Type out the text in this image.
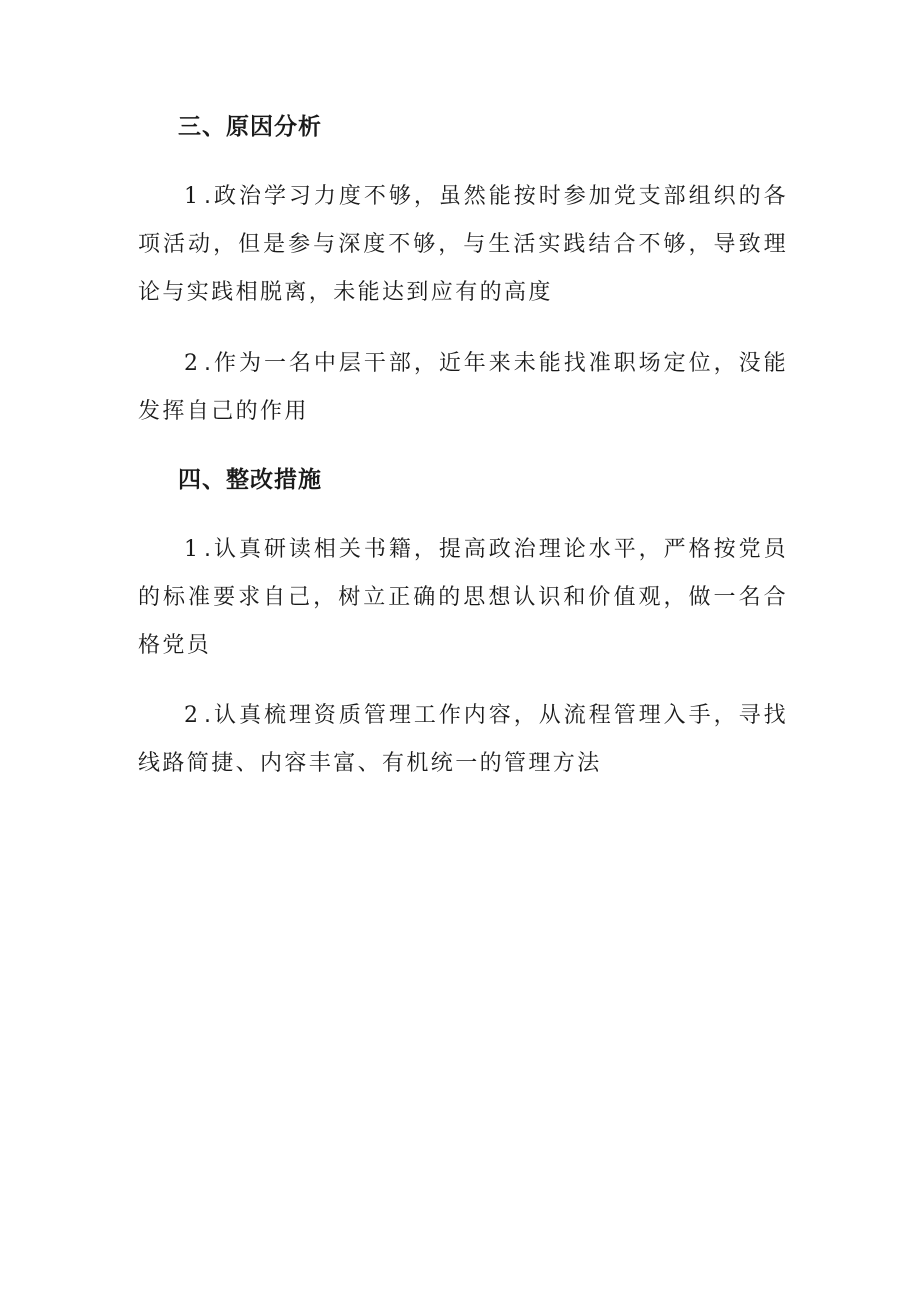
三、原因分析

1.政治学习力度不够，虽然能按时参加党支部组织的各项活动，但是参与深度不够，与生活实践结合不够，导致理论与实践相脱离，未能达到应有的高度

2.作为一名中层干部，近年来未能找准职场定位，没能发挥自己的作用

四、整改措施

1.认真研读相关书籍，提高政治理论水平，严格按党员的标准要求自己，树立正确的思想认识和价值观，做一名合格党员

2.认真梳理资质管理工作内容，从流程管理入手，寻找线路简捷、内容丰富、有机统一的管理方法
